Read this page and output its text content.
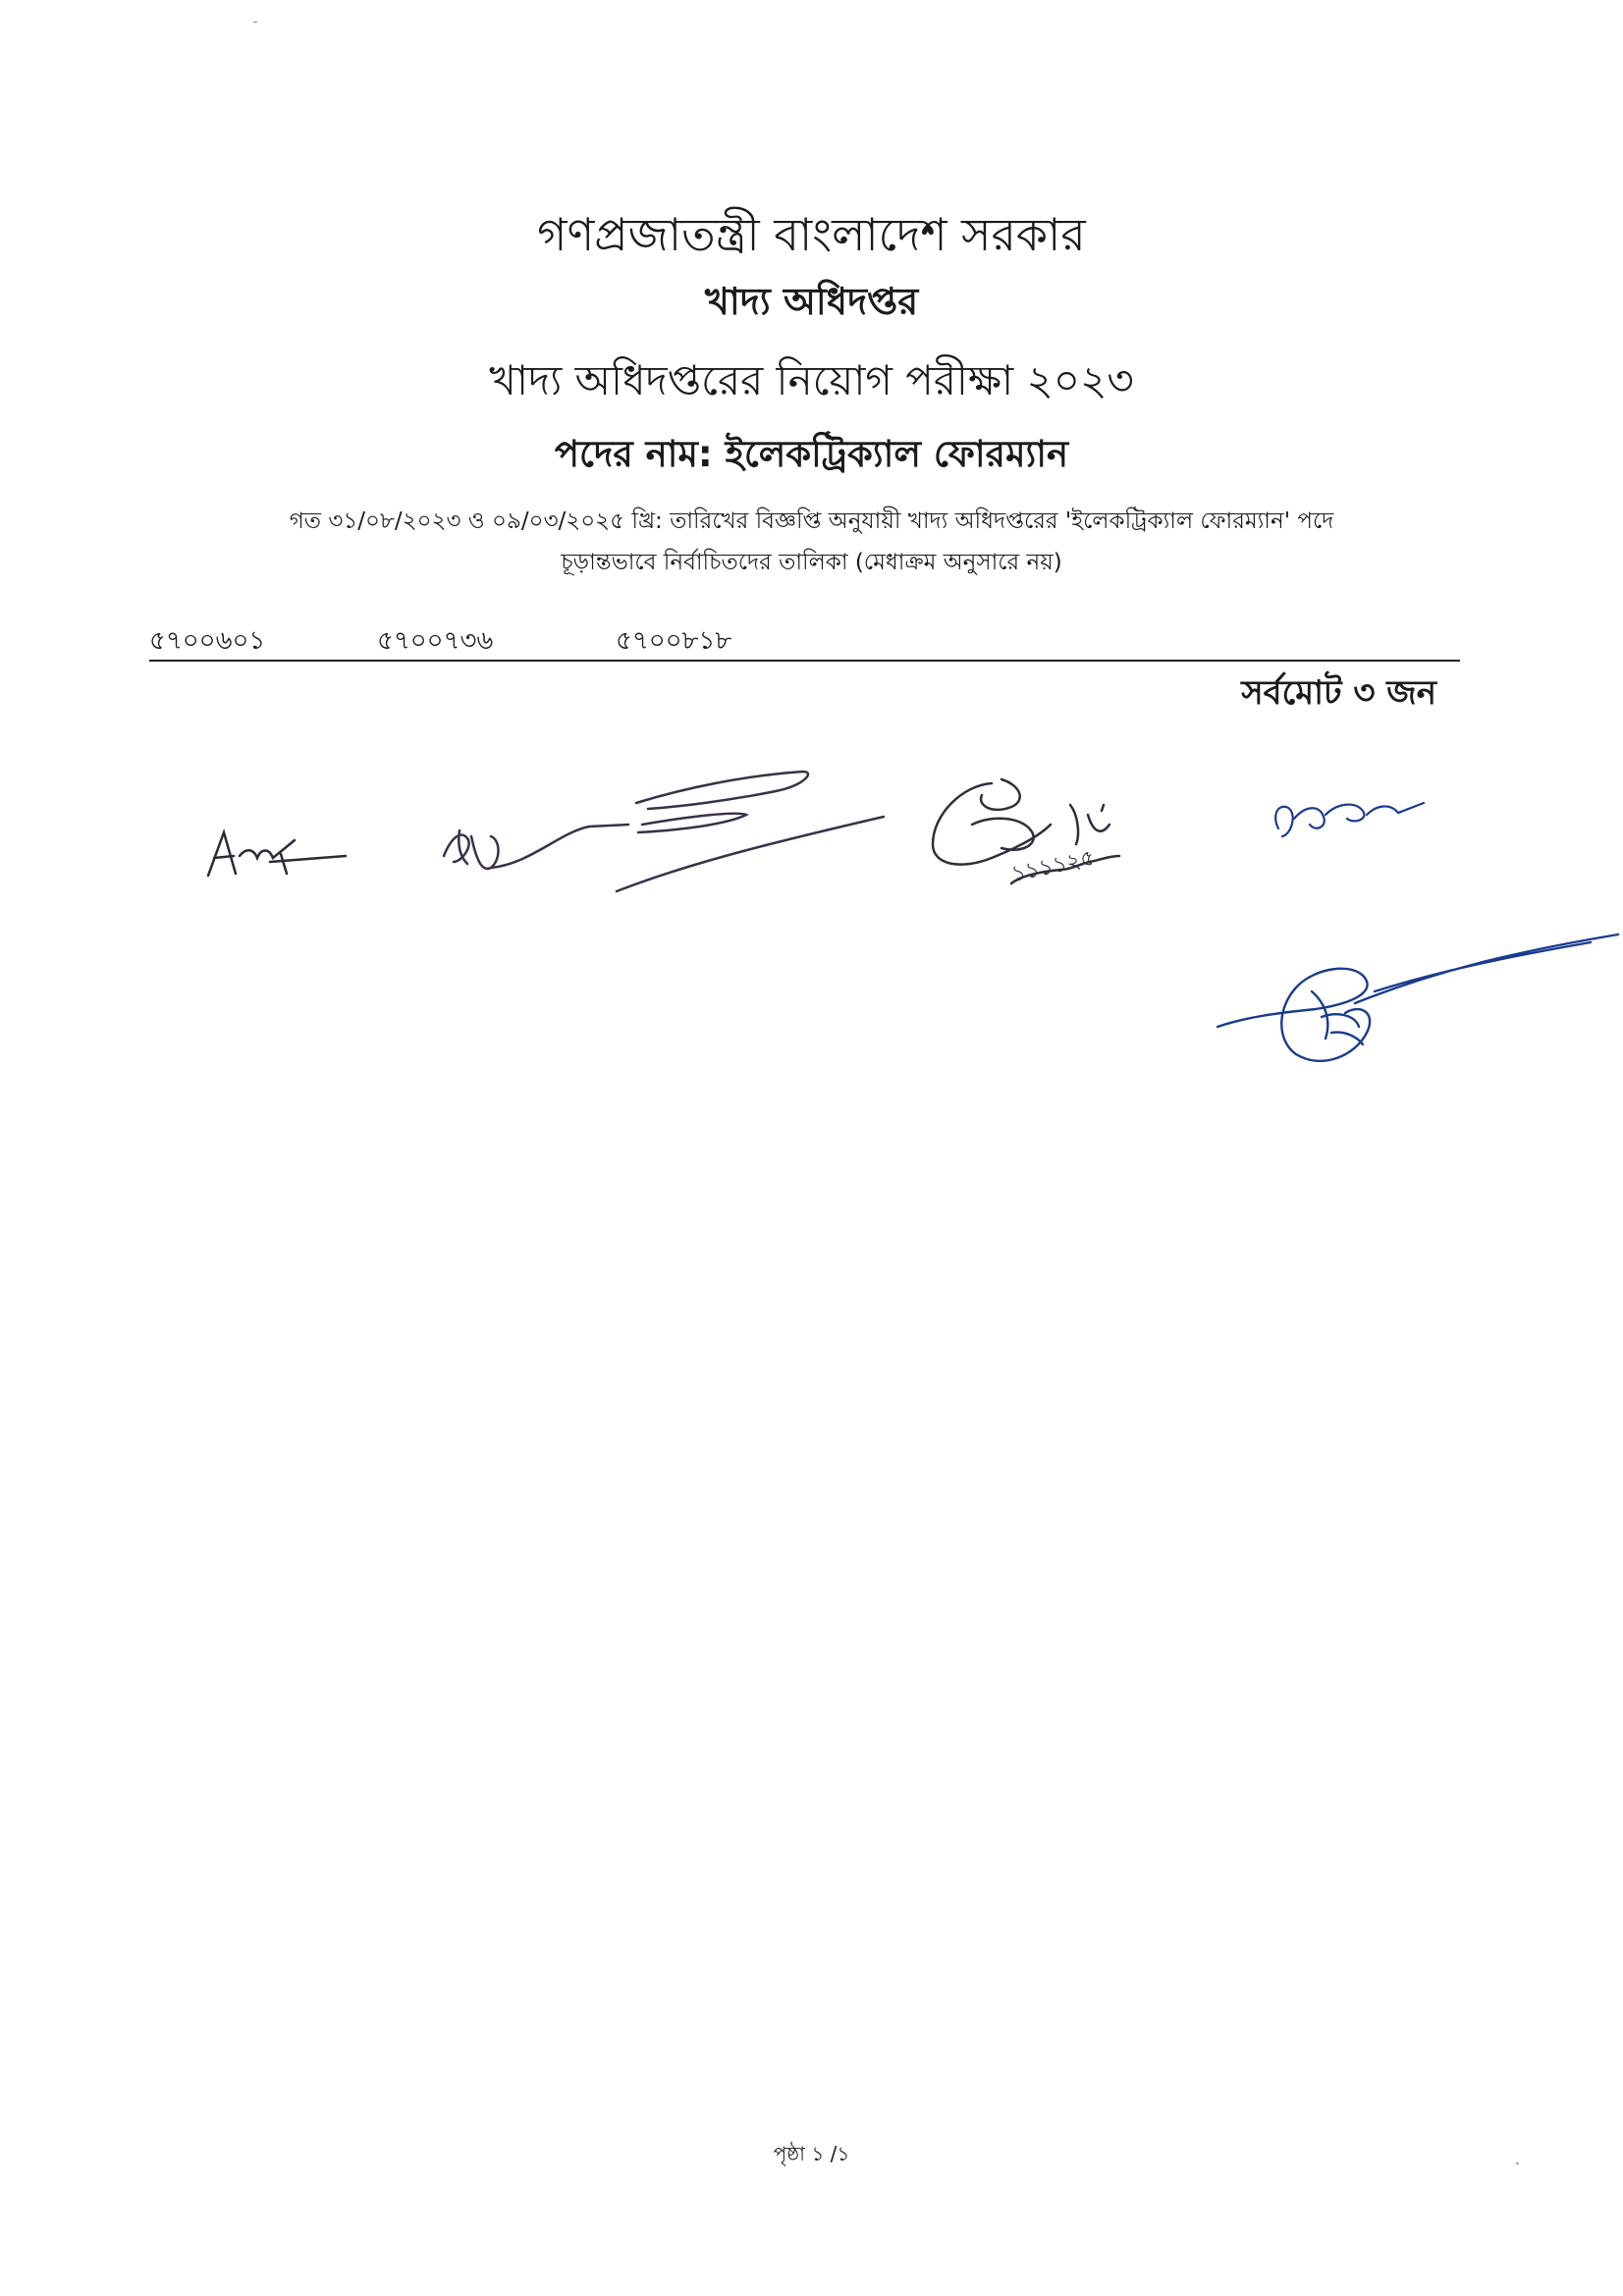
গণপ্রজাতন্ত্রী বাংলাদেশ সরকার
খাদ্য অধিদপ্তর
খাদ্য অধিদপ্তরের নিয়োগ পরীক্ষা ২০২৩
পদের নাম: ইলেকট্রিক্যাল ফোরম্যান
গত ৩১/০৮/২০২৩ ও ০৯/০৩/২০২৫ খ্রি: তারিখের বিজ্ঞপ্তি অনুযায়ী খাদ্য অধিদপ্তরের 'ইলেকট্রিক্যাল ফোরম্যান' পদে
চূড়ান্তভাবে নির্বাচিতদের তালিকা (মেধাক্রম অনুসারে নয়)
৫৭০০৬০১	৫৭০০৭৩৬	৫৭০০৮১৮
সর্বমোট ৩ জন
১১১১২৫
পৃষ্ঠা ১ /১
